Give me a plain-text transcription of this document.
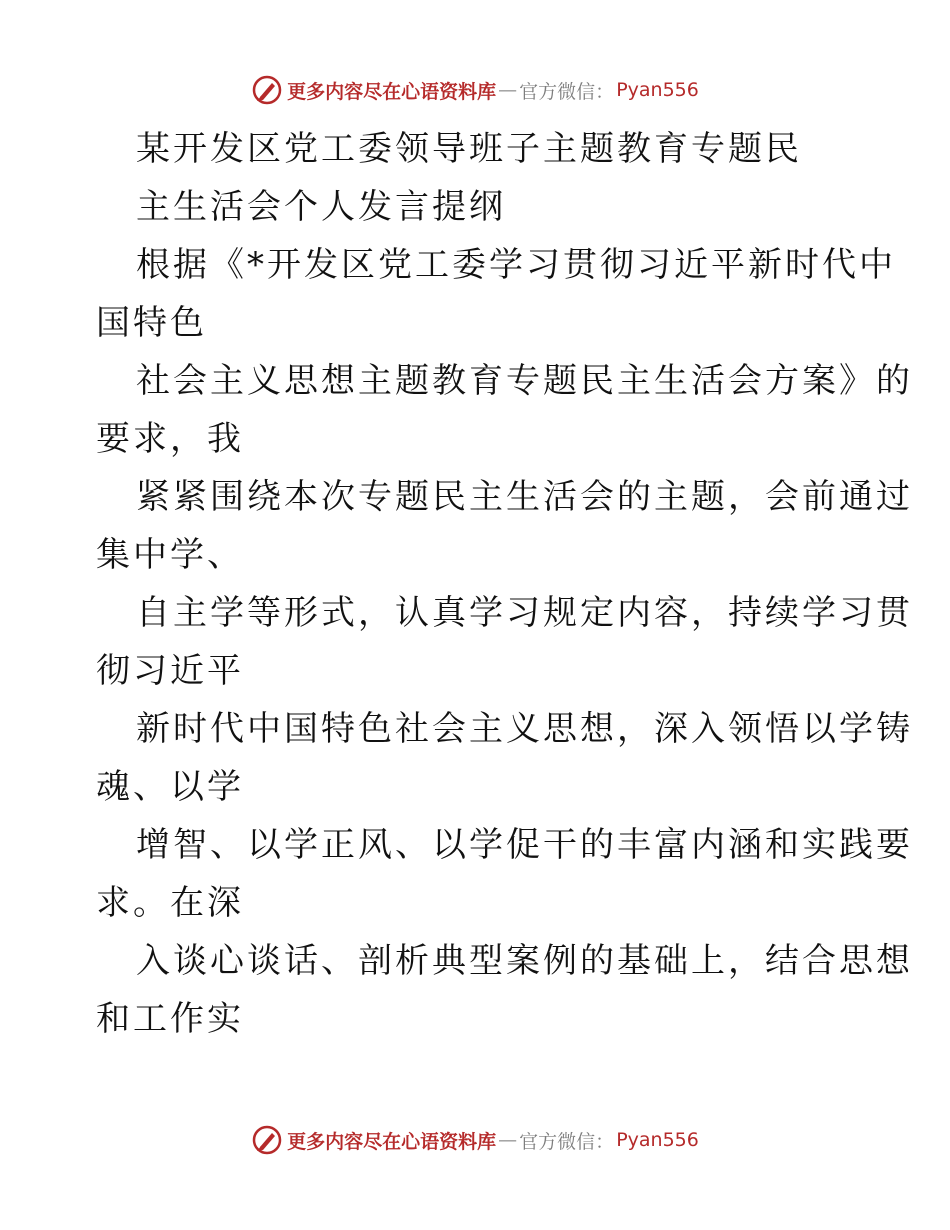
更多内容尽在心语资料库 — 官方微信： Pyan556
某开发区党工委领导班子主题教育专题民
主生活会个人发言提纲
根据《*开发区党工委学习贯彻习近平新时代中
国特色
社会主义思想主题教育专题民主生活会方案》的
要求，我
紧紧围绕本次专题民主生活会的主题，会前通过
集中学、
自主学等形式，认真学习规定内容，持续学习贯
彻习近平
新时代中国特色社会主义思想，深入领悟以学铸
魂、以学
增智、以学正风、以学促干的丰富内涵和实践要
求。在深
入谈心谈话、剖析典型案例的基础上，结合思想
和工作实
更多内容尽在心语资料库 — 官方微信： Pyan556
